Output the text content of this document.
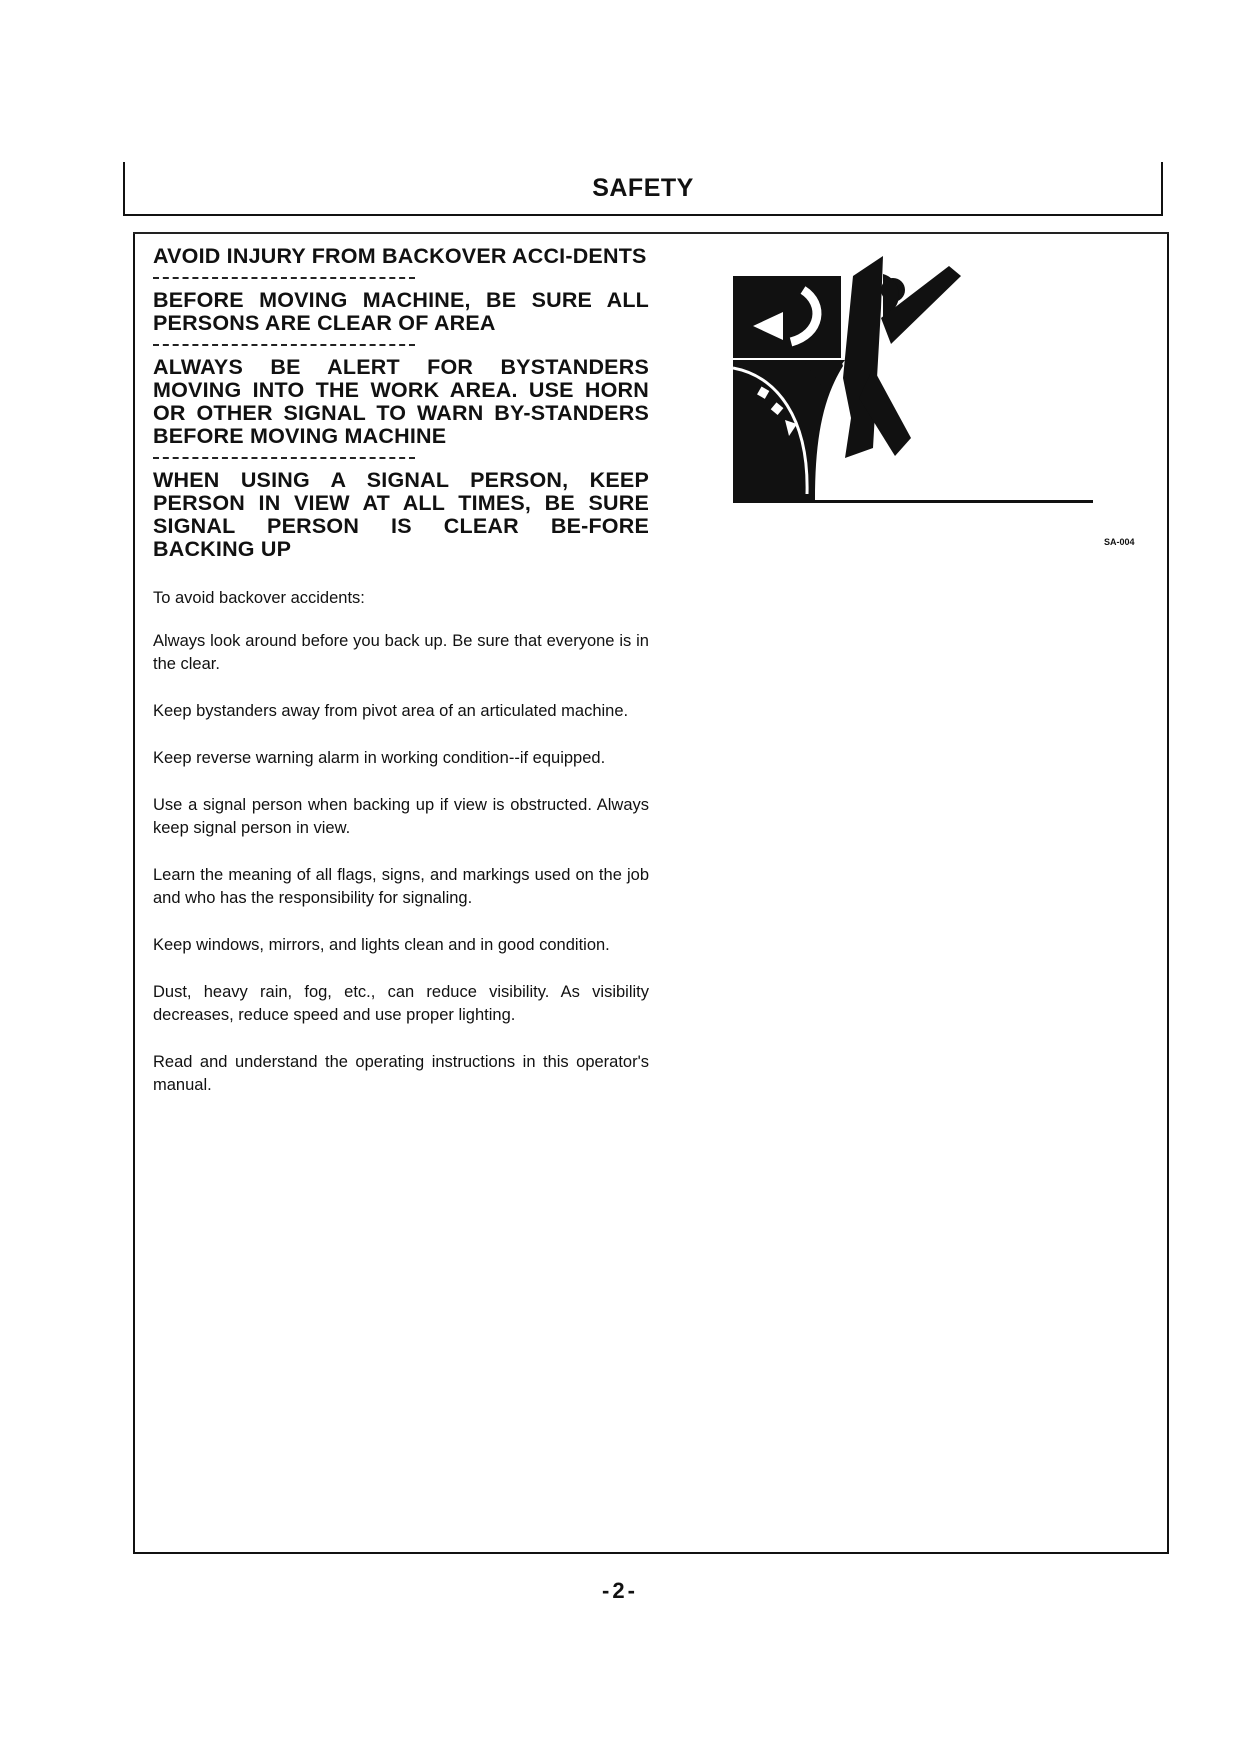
SAFETY
AVOID INJURY FROM BACKOVER ACCI-DENTS
BEFORE MOVING MACHINE, BE SURE ALL PERSONS ARE CLEAR OF AREA
ALWAYS BE ALERT FOR BYSTANDERS MOVING INTO THE WORK AREA. USE HORN OR OTHER SIGNAL TO WARN BY-STANDERS BEFORE MOVING MACHINE
WHEN USING A SIGNAL PERSON, KEEP PERSON IN VIEW AT ALL TIMES, BE SURE SIGNAL PERSON IS CLEAR BE-FORE BACKING UP
To avoid backover accidents:

Always look around before you back up. Be sure that everyone is in the clear.

Keep bystanders away from pivot area of an articulated machine.

Keep reverse warning alarm in working condition--if equipped.

Use a signal person when backing up if view is obstructed. Always keep signal person in view.

Learn the meaning of all flags, signs, and markings used on the job and who has the responsibility for signaling.

Keep windows, mirrors, and lights clean and in good condition.

Dust, heavy rain, fog, etc., can reduce visibility. As visibility decreases, reduce speed and use proper lighting.

Read and understand the operating instructions in this operator's manual.

SA-004
-2-
